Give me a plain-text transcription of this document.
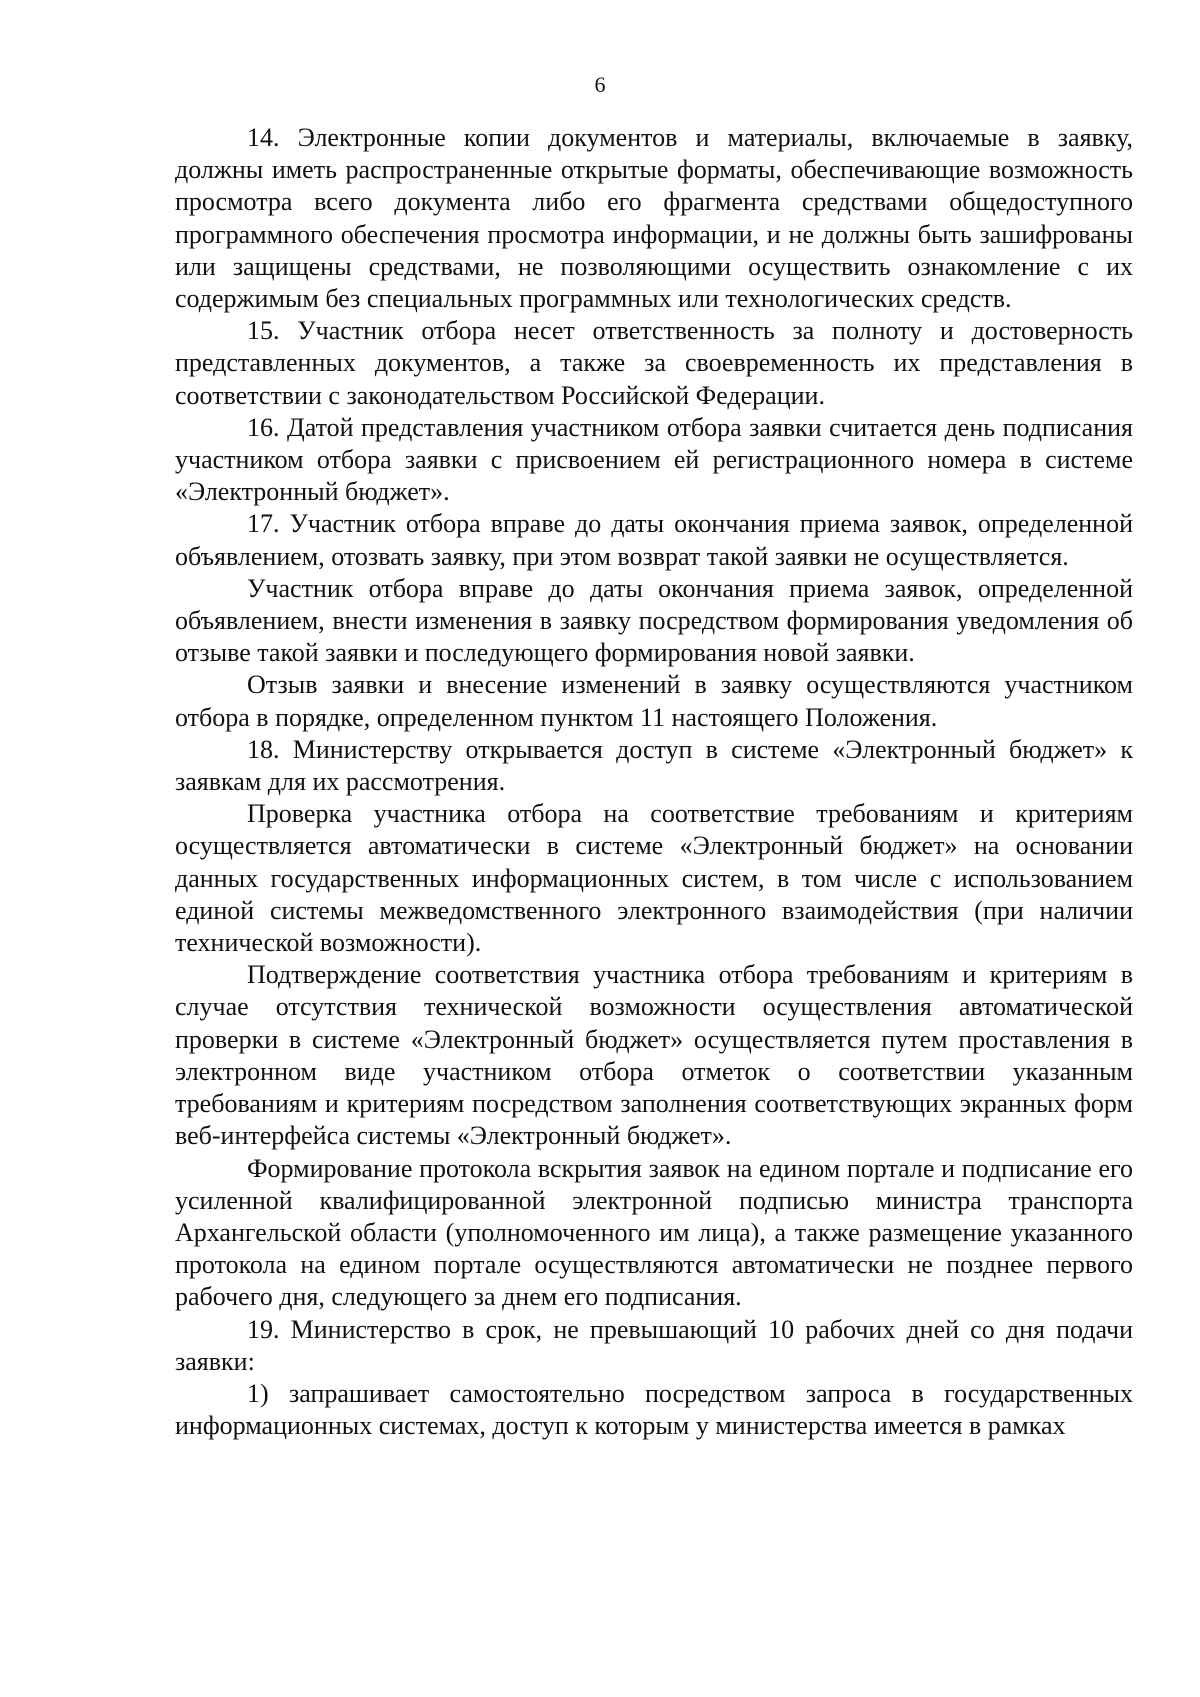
6

14. Электронные копии документов и материалы, включаемые в заявку, должны иметь распространенные открытые форматы, обеспечивающие возможность просмотра всего документа либо его фрагмента средствами общедоступного программного обеспечения просмотра информации, и не должны быть зашифрованы или защищены средствами, не позволяющими осуществить ознакомление с их содержимым без специальных программных или технологических средств.

15. Участник отбора несет ответственность за полноту и достоверность представленных документов, а также за своевременность их представления в соответствии с законодательством Российской Федерации.

16. Датой представления участником отбора заявки считается день подписания участником отбора заявки с присвоением ей регистрационного номера в системе «Электронный бюджет».

17. Участник отбора вправе до даты окончания приема заявок, определенной объявлением, отозвать заявку, при этом возврат такой заявки не осуществляется.

Участник отбора вправе до даты окончания приема заявок, определенной объявлением, внести изменения в заявку посредством формирования уведомления об отзыве такой заявки и последующего формирования новой заявки.

Отзыв заявки и внесение изменений в заявку осуществляются участником отбора в порядке, определенном пунктом 11 настоящего Положения.

18. Министерству открывается доступ в системе «Электронный бюджет» к заявкам для их рассмотрения.

Проверка участника отбора на соответствие требованиям и критериям осуществляется автоматически в системе «Электронный бюджет» на основании данных государственных информационных систем, в том числе с использованием единой системы межведомственного электронного взаимодействия (при наличии технической возможности).

Подтверждение соответствия участника отбора требованиям и критериям в случае отсутствия технической возможности осуществления автоматической проверки в системе «Электронный бюджет» осуществляется путем проставления в электронном виде участником отбора отметок о соответствии указанным требованиям и критериям посредством заполнения соответствующих экранных форм веб-интерфейса системы «Электронный бюджет».

Формирование протокола вскрытия заявок на едином портале и подписание его усиленной квалифицированной электронной подписью министра транспорта Архангельской области (уполномоченного им лица), а также размещение указанного протокола на едином портале осуществляются автоматически не позднее первого рабочего дня, следующего за днем его подписания.

19. Министерство в срок, не превышающий 10 рабочих дней со дня подачи заявки:

1) запрашивает самостоятельно посредством запроса в государственных информационных системах, доступ к которым у министерства имеется в рамках
